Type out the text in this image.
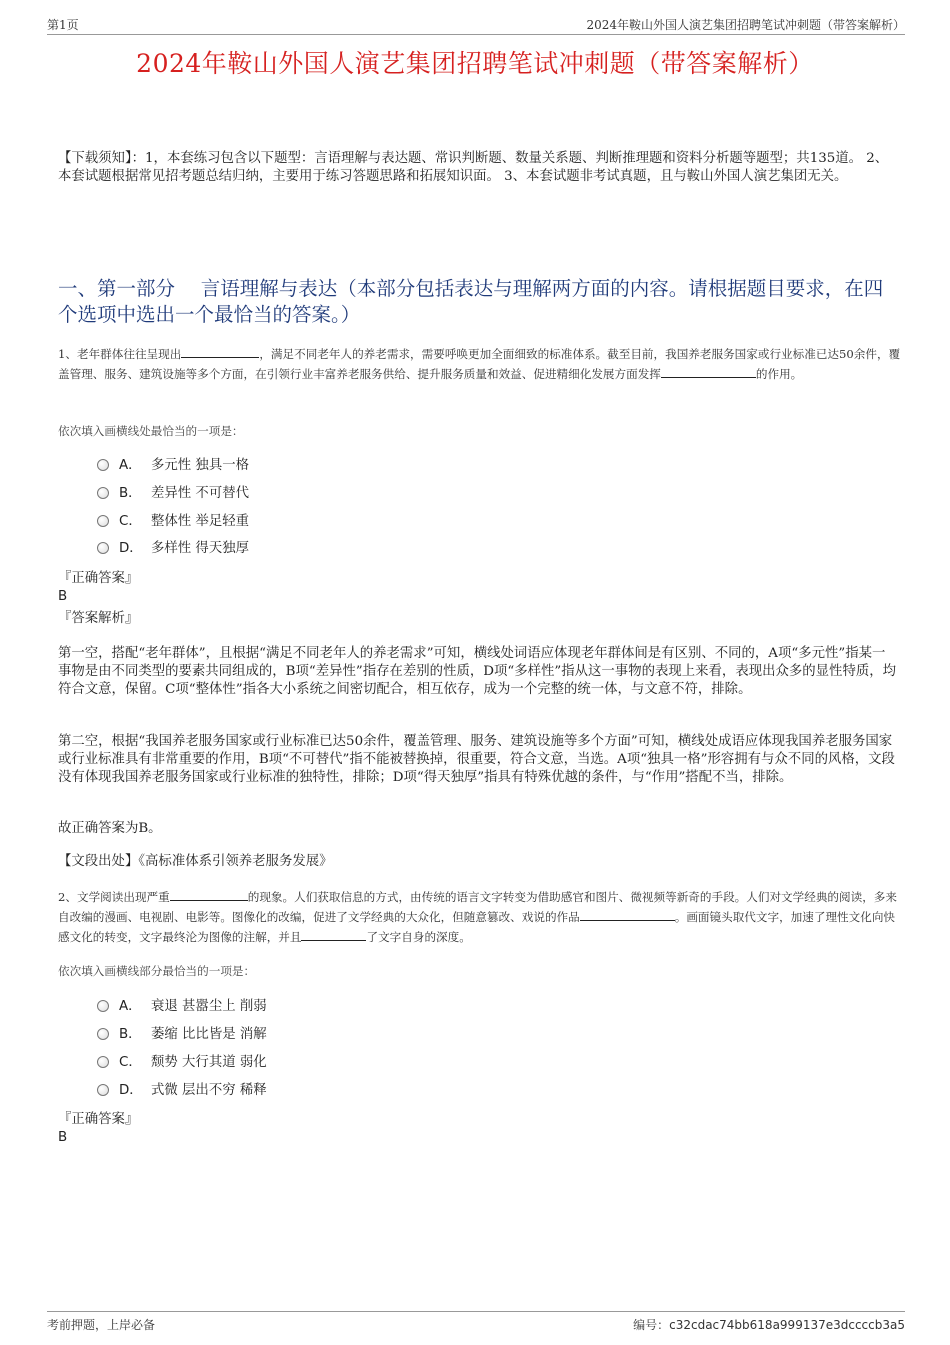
第1页	2024年鞍山外国人演艺集团招聘笔试冲刺题（带答案解析）
2024年鞍山外国人演艺集团招聘笔试冲刺题（带答案解析）
【下载须知】：1，本套练习包含以下题型：言语理解与表达题、常识判断题、数量关系题、判断推理题和资料分析题等题型；共135道。 2、本套试题根据常见招考题总结归纳，主要用于练习答题思路和拓展知识面。 3、本套试题非考试真题，且与鞍山外国人演艺集团无关。
一、第一部分　 言语理解与表达（本部分包括表达与理解两方面的内容。请根据题目要求，在四个选项中选出一个最恰当的答案。）
1、老年群体往往呈现出	，满足不同老年人的养老需求，需要呼唤更加全面细致的标准体系。截至目前，我国养老服务国家或行业标准已达50余件，覆盖管理、服务、建筑设施等多个方面，在引领行业丰富养老服务供给、提升服务质量和效益、促进精细化发展方面发挥	的作用。
依次填入画横线处最恰当的一项是：
A． 多元性 独具一格
B． 差异性 不可替代
C． 整体性 举足轻重
D． 多样性 得天独厚
『正确答案』
B
『答案解析』
第一空，搭配“老年群体”，且根据“满足不同老年人的养老需求”可知，横线处词语应体现老年群体间是有区别、不同的，A项“多元性”指某一事物是由不同类型的要素共同组成的，B项“差异性”指存在差别的性质，D项“多样性”指从这一事物的表现上来看，表现出众多的显性特质，均符合文意，保留。C项“整体性”指各大小系统之间密切配合，相互依存，成为一个完整的统一体，与文意不符，排除。
第二空，根据“我国养老服务国家或行业标准已达50余件，覆盖管理、服务、建筑设施等多个方面”可知，横线处成语应体现我国养老服务国家或行业标准具有非常重要的作用，B项“不可替代”指不能被替换掉，很重要，符合文意，当选。A项“独具一格”形容拥有与众不同的风格，文段没有体现我国养老服务国家或行业标准的独特性，排除；D项“得天独厚”指具有特殊优越的条件，与“作用”搭配不当，排除。
故正确答案为B。
【文段出处】《高标准体系引领养老服务发展》
2、文学阅读出现严重	的现象。人们获取信息的方式，由传统的语言文字转变为借助感官和图片、微视频等新奇的手段。人们对文学经典的阅读，多来自改编的漫画、电视剧、电影等。图像化的改编，促进了文学经典的大众化，但随意篡改、戏说的作品	。画面镜头取代文字，加速了理性文化向快感文化的转变，文字最终沦为图像的注解，并且	了文字自身的深度。
依次填入画横线部分最恰当的一项是：
A． 衰退 甚嚣尘上 削弱
B． 萎缩 比比皆是 消解
C． 颓势 大行其道 弱化
D． 式微 层出不穷 稀释
『正确答案』
B
考前押题，上岸必备	编号：c32cdac74bb618a999137e3dccccb3a5
